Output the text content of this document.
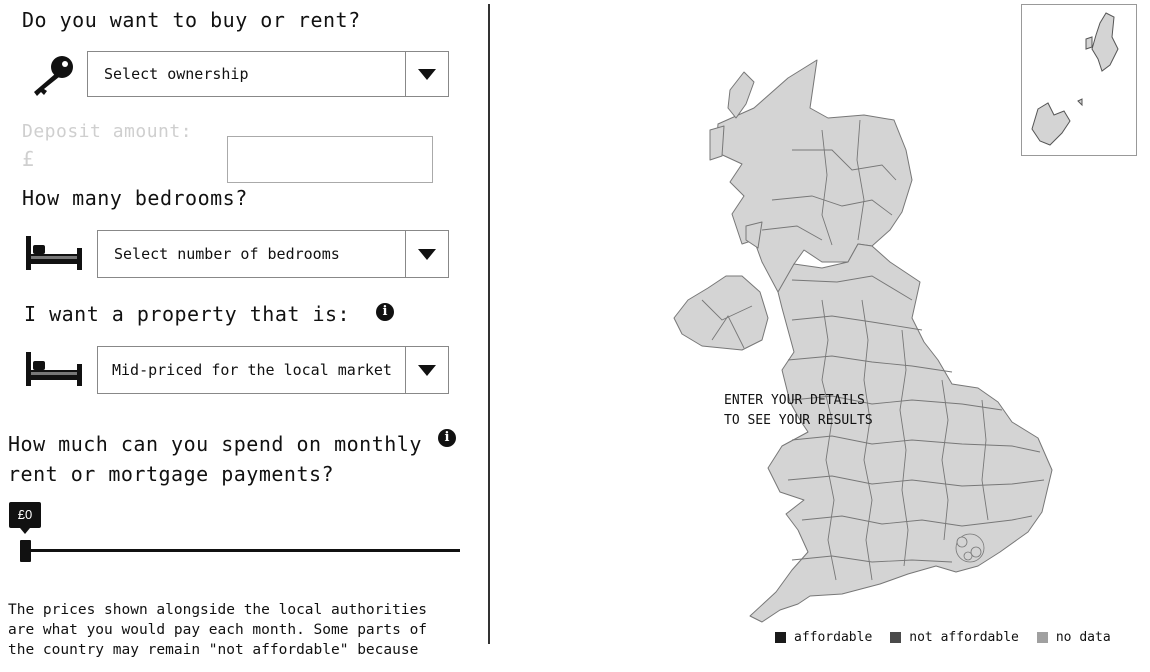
Do you want to buy or rent?
Select ownership
Deposit amount:
£
How many bedrooms?
Select number of bedrooms
I want a property that is:	i
Mid-priced for the local market
How much can you spend on monthly	i
rent or mortgage payments?
£0
The prices shown alongside the local authorities
are what you would pay each month. Some parts of
the country may remain "not affordable" because
ENTER YOUR DETAILS
TO SEE YOUR RESULTS
affordable	not affordable	no data
